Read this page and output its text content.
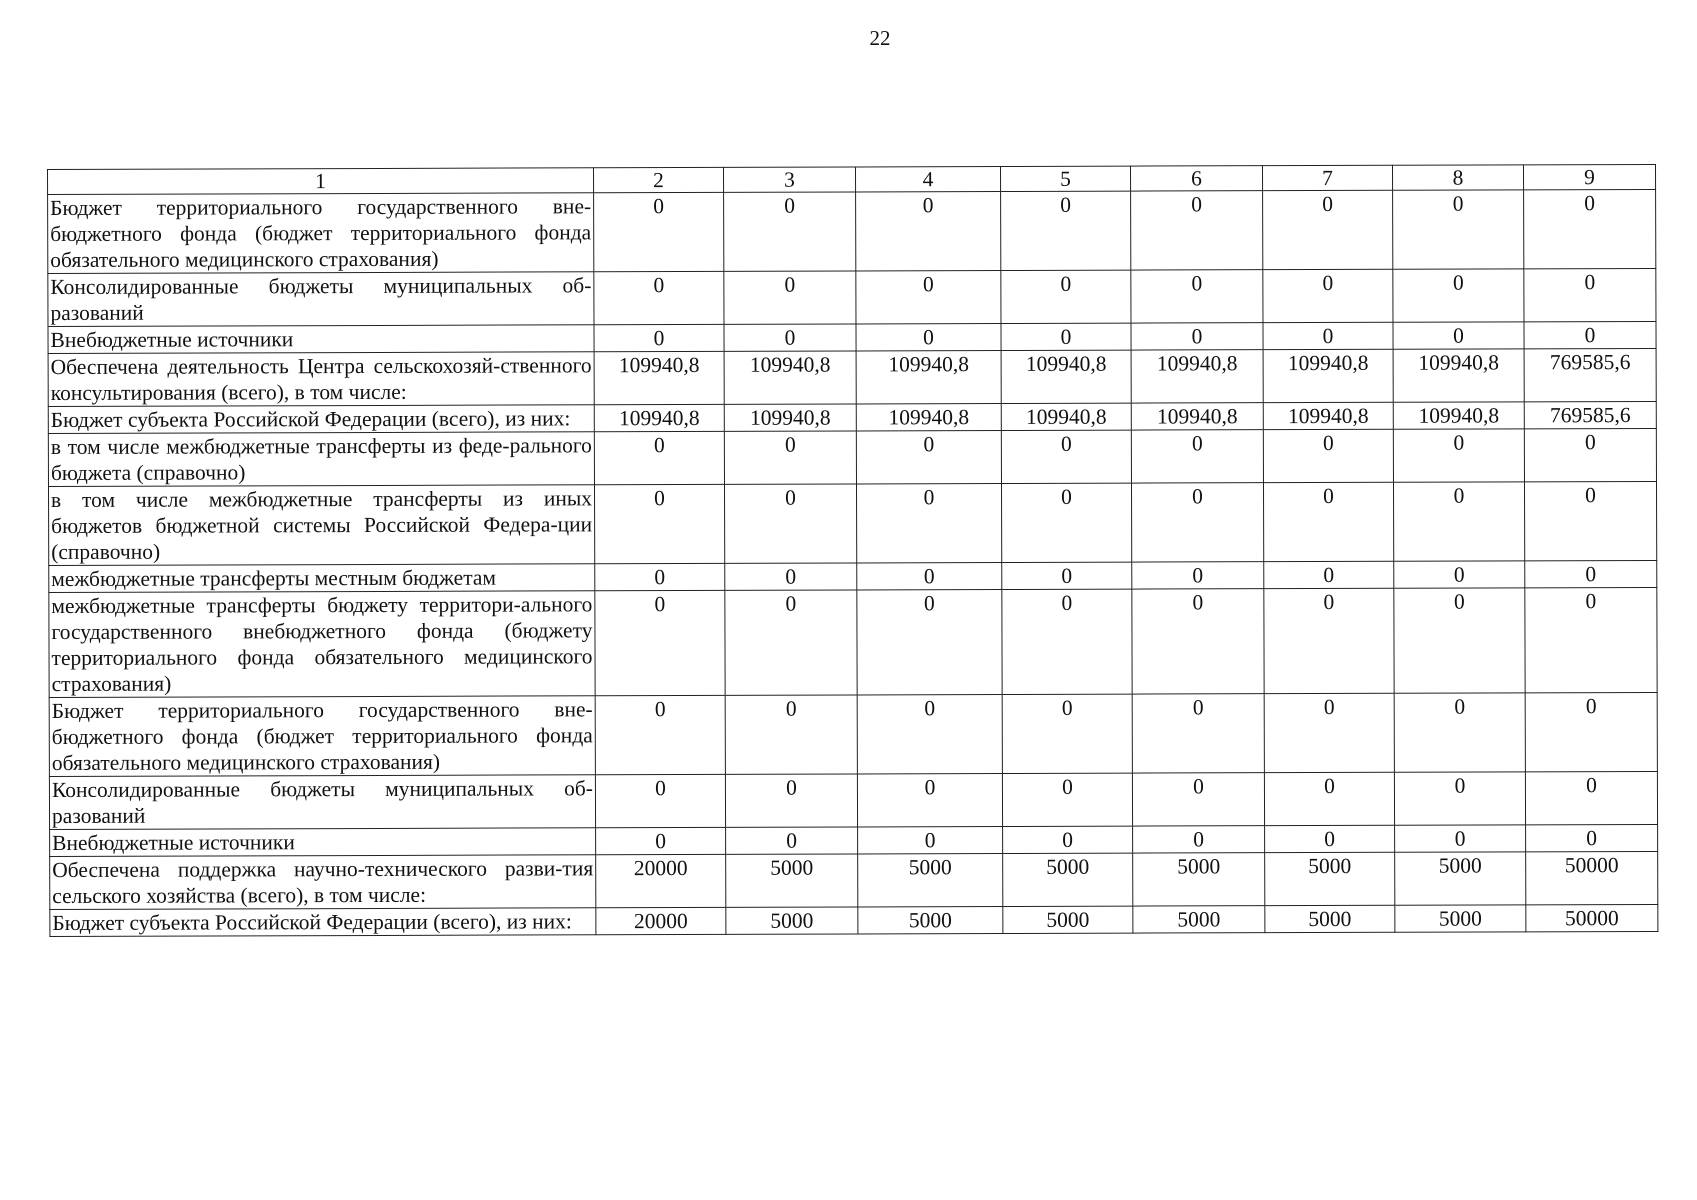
22
1	2	3	4	5	6	7	8	9
Бюджет территориального государственного вне-бюджетного фонда (бюджет территориального фонда обязательного медицинского страхования)	0	0	0	0	0	0	0	0
Консолидированные бюджеты муниципальных об-разований	0	0	0	0	0	0	0	0
Внебюджетные источники	0	0	0	0	0	0	0	0
Обеспечена деятельность Центра сельскохозяй-ственного консультирования (всего), в том числе:	109940,8	109940,8	109940,8	109940,8	109940,8	109940,8	109940,8	769585,6
Бюджет субъекта Российской Федерации (всего), из них:	109940,8	109940,8	109940,8	109940,8	109940,8	109940,8	109940,8	769585,6
в том числе межбюджетные трансферты из феде-рального бюджета (справочно)	0	0	0	0	0	0	0	0
в том числе межбюджетные трансферты из иных бюджетов бюджетной системы Российской Федера-ции (справочно)	0	0	0	0	0	0	0	0
межбюджетные трансферты местным бюджетам	0	0	0	0	0	0	0	0
межбюджетные трансферты бюджету территори-ального государственного внебюджетного фонда (бюджету территориального фонда обязательного медицинского страхования)	0	0	0	0	0	0	0	0
Бюджет территориального государственного вне-бюджетного фонда (бюджет территориального фонда обязательного медицинского страхования)	0	0	0	0	0	0	0	0
Консолидированные бюджеты муниципальных об-разований	0	0	0	0	0	0	0	0
Внебюджетные источники	0	0	0	0	0	0	0	0
Обеспечена поддержка научно-технического разви-тия сельского хозяйства (всего), в том числе:	20000	5000	5000	5000	5000	5000	5000	50000
Бюджет субъекта Российской Федерации (всего), из них:	20000	5000	5000	5000	5000	5000	5000	50000
